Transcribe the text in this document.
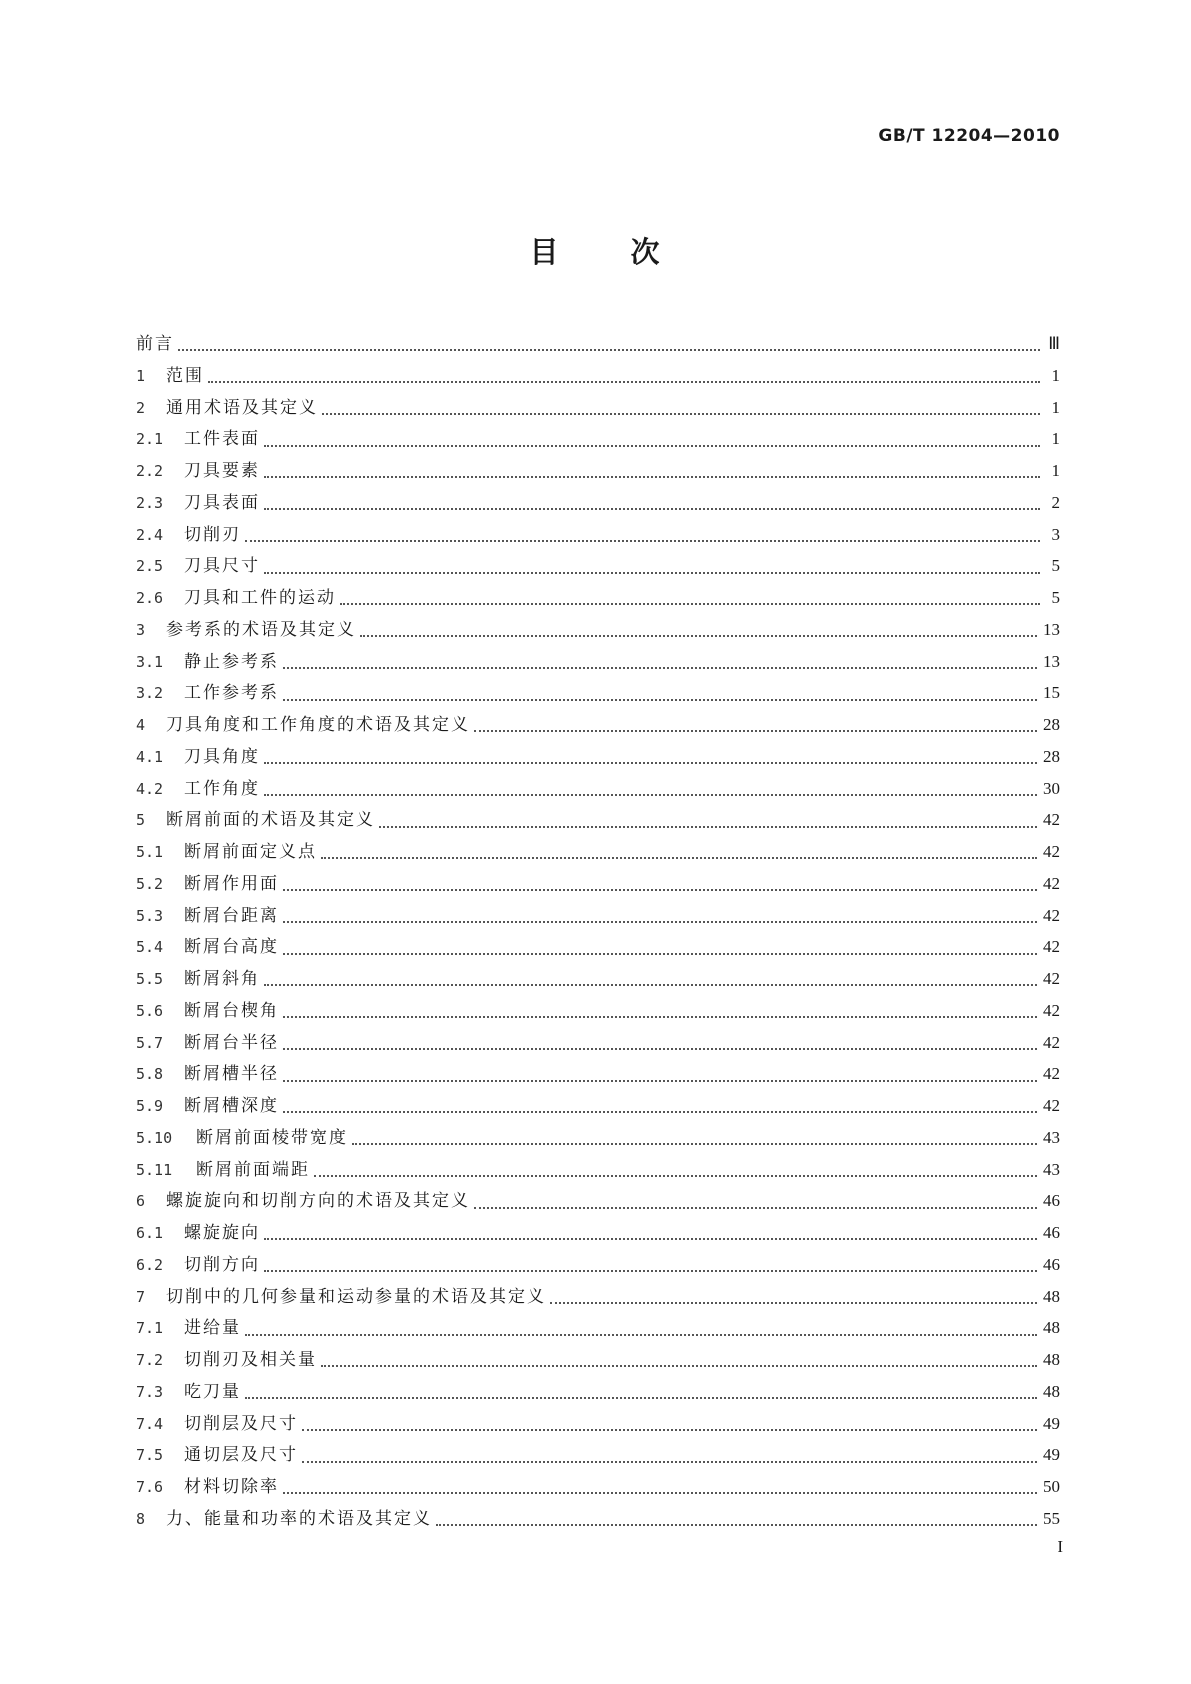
GB/T 12204—2010
目 次
前言	Ⅲ
1	范围	1
2	通用术语及其定义	1
2.1	工件表面	1
2.2	刀具要素	1
2.3	刀具表面	2
2.4	切削刃	3
2.5	刀具尺寸	5
2.6	刀具和工件的运动	5
3	参考系的术语及其定义	13
3.1	静止参考系	13
3.2	工作参考系	15
4	刀具角度和工作角度的术语及其定义	28
4.1	刀具角度	28
4.2	工作角度	30
5	断屑前面的术语及其定义	42
5.1	断屑前面定义点	42
5.2	断屑作用面	42
5.3	断屑台距离	42
5.4	断屑台高度	42
5.5	断屑斜角	42
5.6	断屑台楔角	42
5.7	断屑台半径	42
5.8	断屑槽半径	42
5.9	断屑槽深度	42
5.10	断屑前面棱带宽度	43
5.11	断屑前面端距	43
6	螺旋旋向和切削方向的术语及其定义	46
6.1	螺旋旋向	46
6.2	切削方向	46
7	切削中的几何参量和运动参量的术语及其定义	48
7.1	进给量	48
7.2	切削刃及相关量	48
7.3	吃刀量	48
7.4	切削层及尺寸	49
7.5	通切层及尺寸	49
7.6	材料切除率	50
8	力、能量和功率的术语及其定义	55
I
